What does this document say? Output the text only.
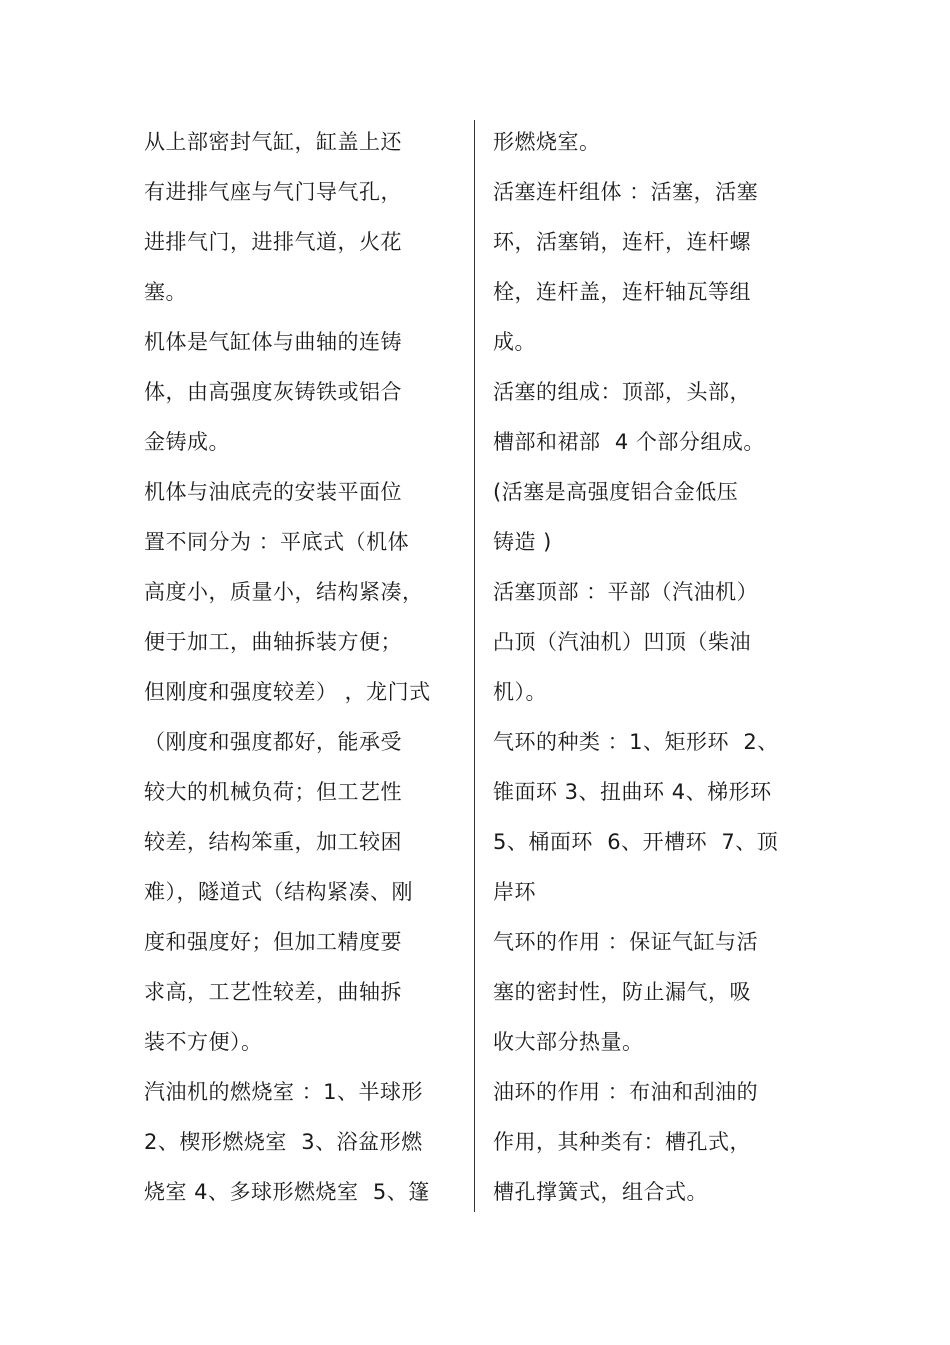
从上部密封气缸，缸盖上还
有进排气座与气门导气孔，
进排气门，进排气道，火花
塞。
机体是气缸体与曲轴的连铸
体，由高强度灰铸铁或铝合
金铸成。
机体与油底壳的安装平面位
置不同分为 ：平底式（机体
高度小，质量小，结构紧凑，
便于加工，曲轴拆装方便；
但刚度和强度较差） ，龙门式
（刚度和强度都好，能承受
较大的机械负荷；但工艺性
较差，结构笨重，加工较困
难），隧道式（结构紧凑、刚
度和强度好；但加工精度要
求高，工艺性较差，曲轴拆
装不方便）。
汽油机的燃烧室 ：1、半球形
2、楔形燃烧室  3、浴盆形燃
烧室 4、多球形燃烧室  5、篷
形燃烧室。
活塞连杆组体 ：活塞，活塞
环，活塞销，连杆，连杆螺
栓，连杆盖，连杆轴瓦等组
成。
活塞的组成：顶部，头部，
槽部和裙部  4 个部分组成。
(活塞是高强度铝合金低压
铸造 )
活塞顶部 ：平部（汽油机）
凸顶（汽油机）凹顶（柴油
机）。
气环的种类 ：1、矩形环  2、
锥面环 3、扭曲环 4、梯形环
5、桶面环  6、开槽环  7、顶
岸环
气环的作用 ：保证气缸与活
塞的密封性，防止漏气，吸
收大部分热量。
油环的作用 ：布油和刮油的
作用，其种类有：槽孔式，
槽孔撑簧式，组合式。
